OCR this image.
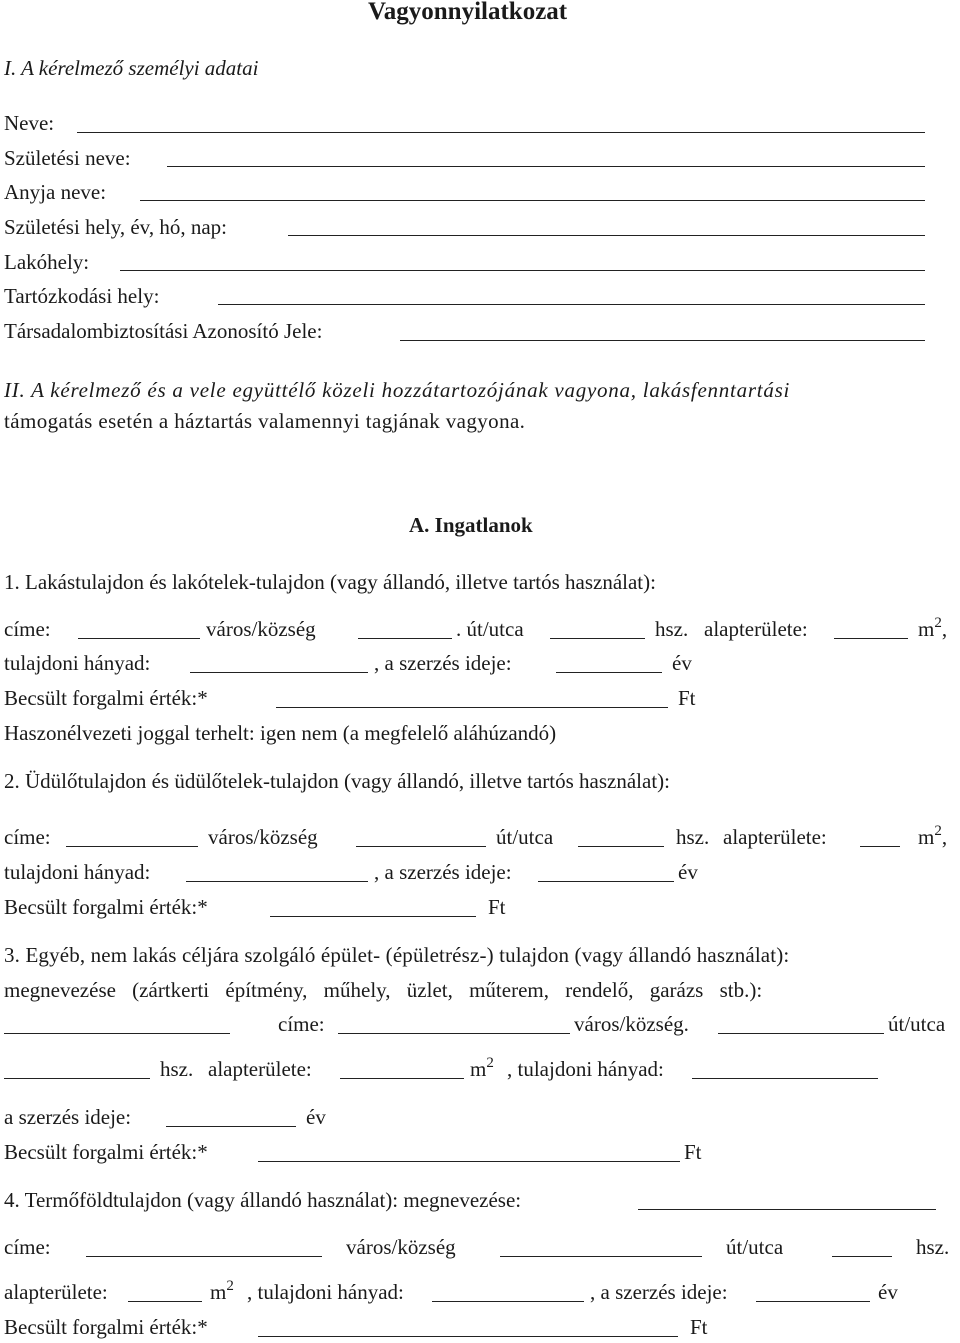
Vagyonnyilatkozat
I. A kérelmező személyi adatai
Neve:
Születési neve:
Anyja neve:
Születési hely, év, hó, nap:
Lakóhely:
Tartózkodási hely:
Társadalombiztosítási Azonosító Jele:
II. A kérelmező és a vele együttélő közeli hozzátartozójának vagyona, lakásfenntartási
támogatás esetén a háztartás valamennyi tagjának vagyona.
A. Ingatlanok
1. Lakástulajdon és lakótelek-tulajdon (vagy állandó, illetve tartós használat):
címe:	város/község	. út/utca	hsz. alapterülete:	$m^2$,
tulajdoni hányad:	, a szerzés ideje:	év
Becsült forgalmi érték:*	Ft
Haszonélvezeti joggal terhelt: igen nem (a megfelelő aláhúzandó)
2. Üdülőtulajdon és üdülőtelek-tulajdon (vagy állandó, illetve tartós használat):
címe:	város/község	út/utca	hsz. alapterülete:	$m^2$,
tulajdoni hányad:	, a szerzés ideje:	év
Becsült forgalmi érték:*	Ft
3. Egyéb, nem lakás céljára szolgáló épület- (épületrész-) tulajdon (vagy állandó használat):
megnevezése (zártkerti építmény, műhely, üzlet, műterem, rendelő, garázs stb.):
címe:	város/község.	út/utca
hsz. alapterülete:	$m^2$ , tulajdoni hányad:
a szerzés ideje:	év
Becsült forgalmi érték:*	Ft
4. Termőföldtulajdon (vagy állandó használat): megnevezése:
címe:	város/község	út/utca	hsz.
alapterülete:	$m^2$ , tulajdoni hányad:	, a szerzés ideje:	év
Becsült forgalmi érték:*	Ft
